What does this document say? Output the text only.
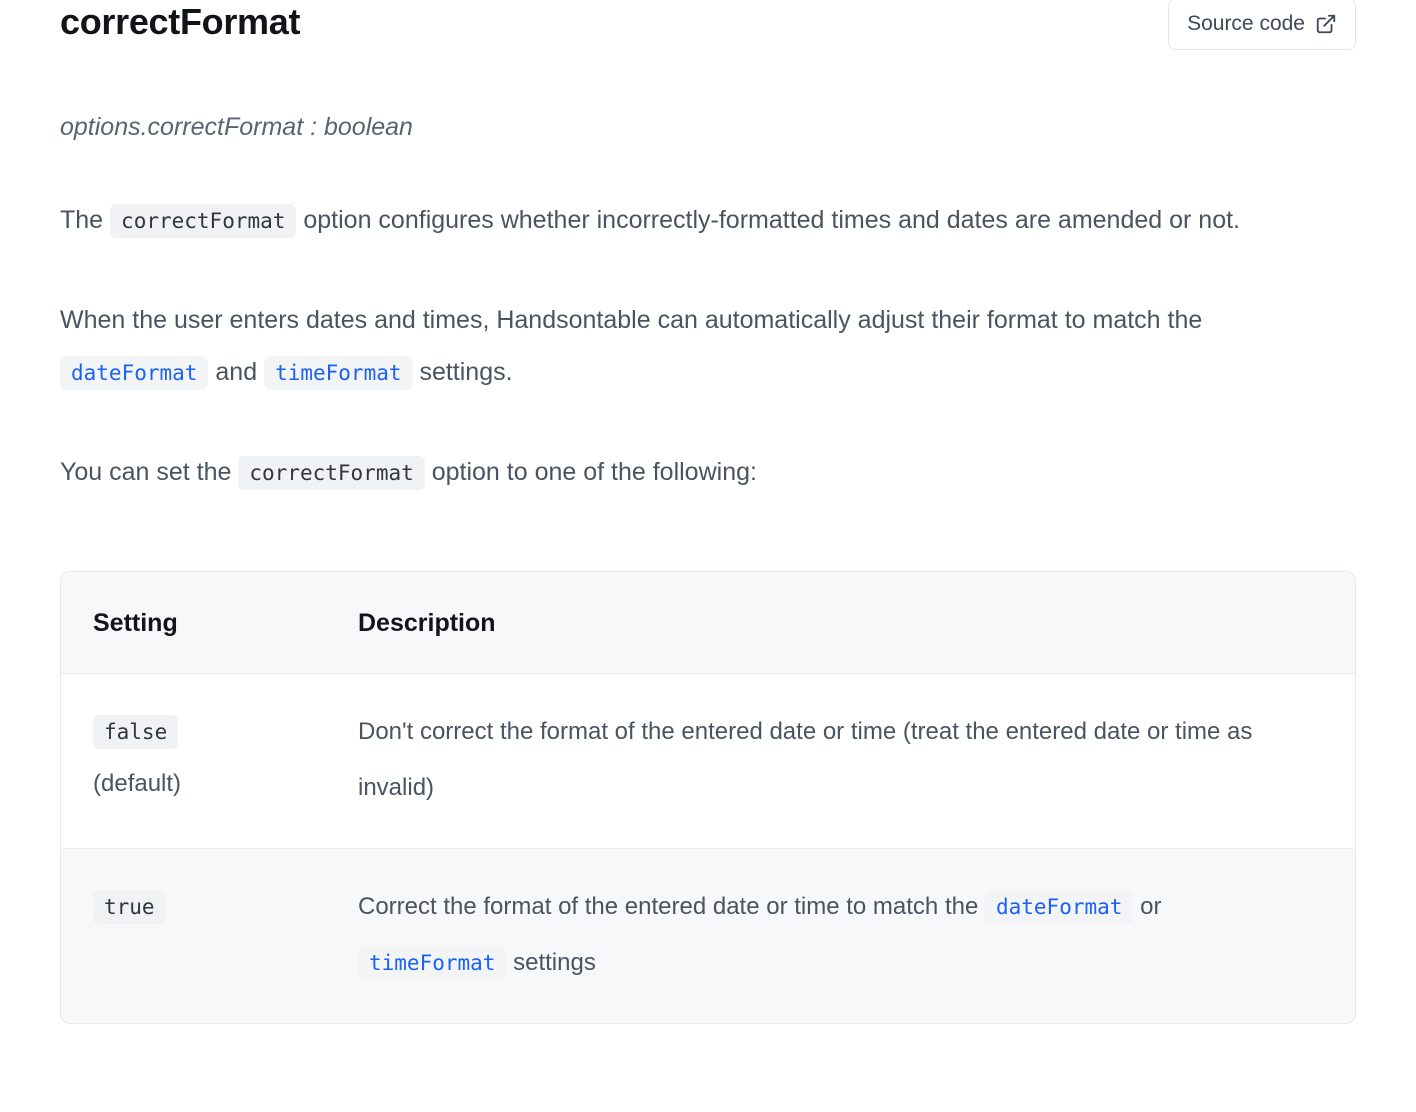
correctFormat	Source code
options.correctFormat : boolean

The correctFormat option configures whether incorrectly-formatted times and dates are amended or not.

When the user enters dates and times, Handsontable can automatically adjust their format to match the dateFormat and timeFormat settings.

You can set the correctFormat option to one of the following:

Setting	Description
false
(default)	Don't correct the format of the entered date or time (treat the entered date or time as invalid)
true	Correct the format of the entered date or time to match the dateFormat or timeFormat settings
